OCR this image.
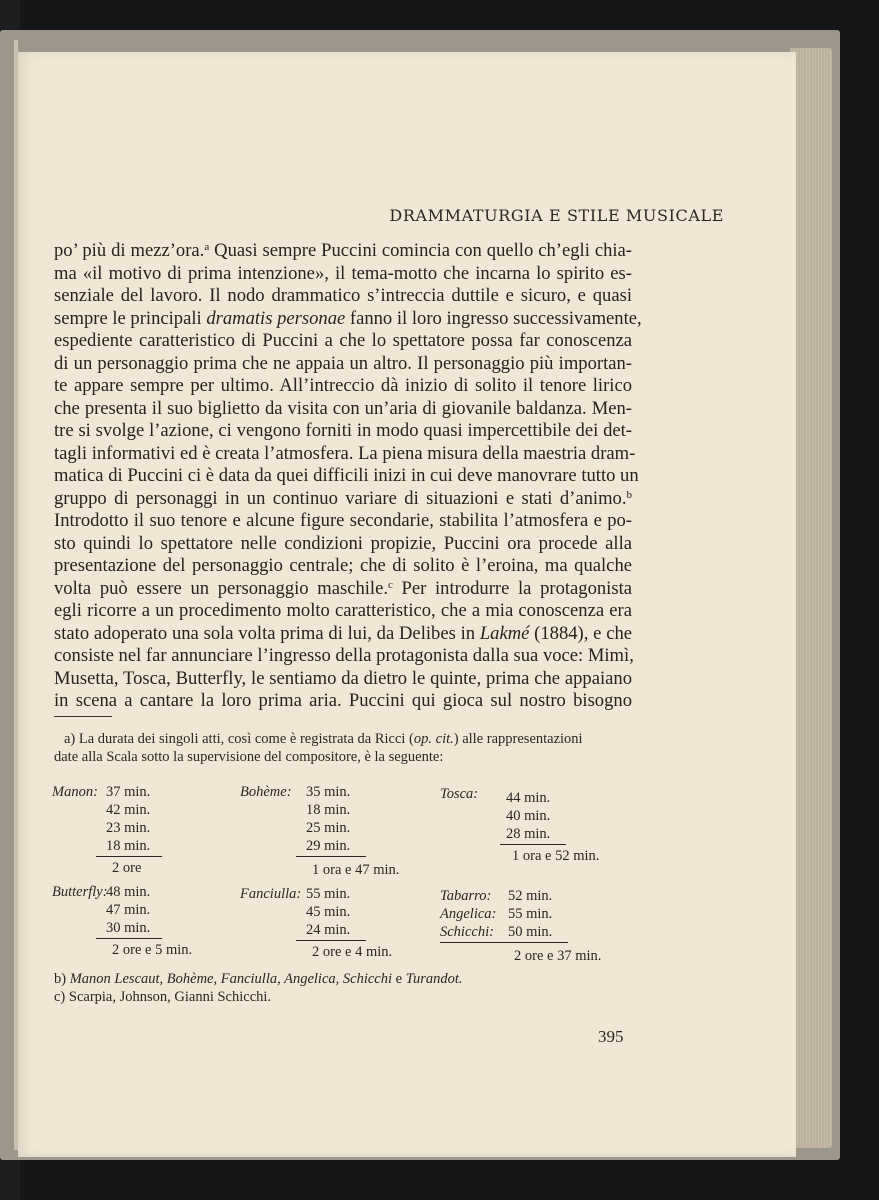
DRAMMATURGIA E STILE MUSICALE
po’ più di mezz’ora.$^a$ Quasi sempre Puccini comincia con quello ch’egli chia-
ma «il motivo di prima intenzione», il tema-motto che incarna lo spirito es-
senziale del lavoro. Il nodo drammatico s’intreccia duttile e sicuro, e quasi
sempre le principali dramatis personae fanno il loro ingresso successivamente,
espediente caratteristico di Puccini a che lo spettatore possa far conoscenza
di un personaggio prima che ne appaia un altro. Il personaggio più importan-
te appare sempre per ultimo. All’intreccio dà inizio di solito il tenore lirico
che presenta il suo biglietto da visita con un’aria di giovanile baldanza. Men-
tre si svolge l’azione, ci vengono forniti in modo quasi impercettibile dei det-
tagli informativi ed è creata l’atmosfera. La piena misura della maestria dram-
matica di Puccini ci è data da quei difficili inizi in cui deve manovrare tutto un
gruppo di personaggi in un continuo variare di situazioni e stati d’animo.$^b$
Introdotto il suo tenore e alcune figure secondarie, stabilita l’atmosfera e po-
sto quindi lo spettatore nelle condizioni propizie, Puccini ora procede alla
presentazione del personaggio centrale; che di solito è l’eroina, ma qualche
volta può essere un personaggio maschile.$^c$ Per introdurre la protagonista
egli ricorre a un procedimento molto caratteristico, che a mia conoscenza era
stato adoperato una sola volta prima di lui, da Delibes in Lakmé (1884), e che
consiste nel far annunciare l’ingresso della protagonista dalla sua voce: Mimì,
Musetta, Tosca, Butterfly, le sentiamo da dietro le quinte, prima che appaiano
in scena a cantare la loro prima aria. Puccini qui gioca sul nostro bisogno
a) La durata dei singoli atti, così come è registrata da Ricci (op. cit.) alle rappresentazioni
date alla Scala sotto la supervisione del compositore, è la seguente:
Manon: 37 min.
42 min.
23 min.
18 min.
2 ore
Bohème: 35 min.
18 min.
25 min.
29 min.
1 ora e 47 min.
Tosca: 44 min.
40 min.
28 min.
1 ora e 52 min.
Butterfly:
48 min.
47 min.
30 min.
2 ore e 5 min.
Fanciulla: 55 min.
45 min.
24 min.
2 ore e 4 min.
Tabarro:
Angelica:
Schicchi:
52 min.
55 min.
50 min.
2 ore e 37 min.
b) Manon Lescaut, Bohème, Fanciulla, Angelica, Schicchi e Turandot.
c) Scarpia, Johnson, Gianni Schicchi.
395
